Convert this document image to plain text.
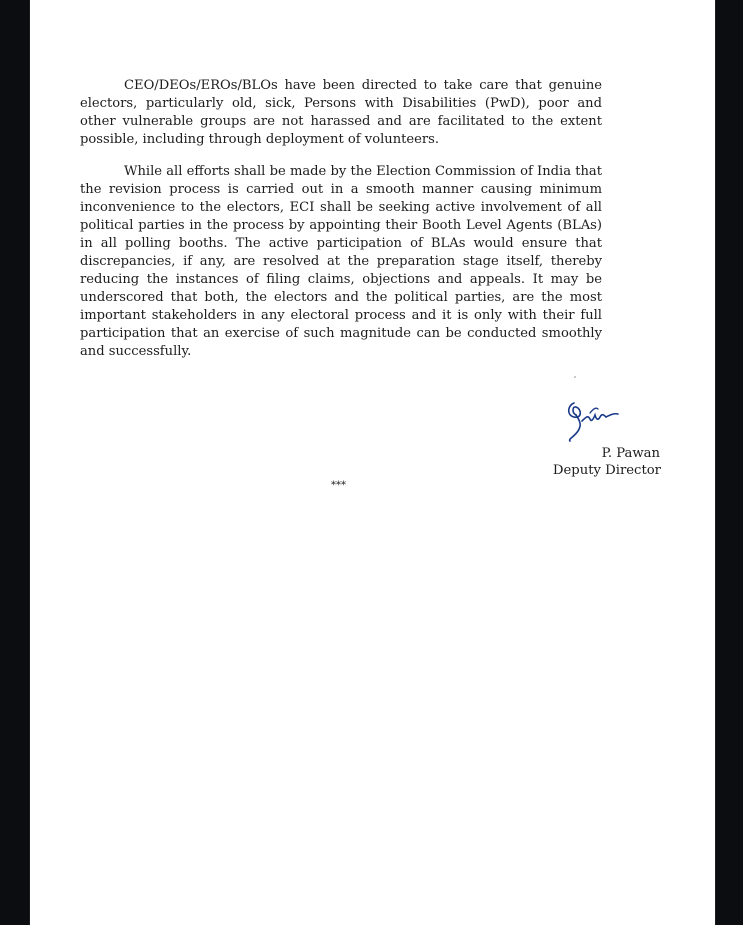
CEO/DEOs/EROs/BLOs have been directed to take care that genuine electors, particularly old, sick, Persons with Disabilities (PwD), poor and other vulnerable groups are not harassed and are facilitated to the extent possible, including through deployment of volunteers.

While all efforts shall be made by the Election Commission of India that the revision process is carried out in a smooth manner causing minimum inconvenience to the electors, ECI shall be seeking active involvement of all political parties in the process by appointing their Booth Level Agents (BLAs) in all polling booths. The active participation of BLAs would ensure that discrepancies, if any, are resolved at the preparation stage itself, thereby reducing the instances of filing claims, objections and appeals. It may be underscored that both, the electors and the political parties, are the most important stakeholders in any electoral process and it is only with their full participation that an exercise of such magnitude can be conducted smoothly and successfully.

P. Pawan

Deputy Director

***
